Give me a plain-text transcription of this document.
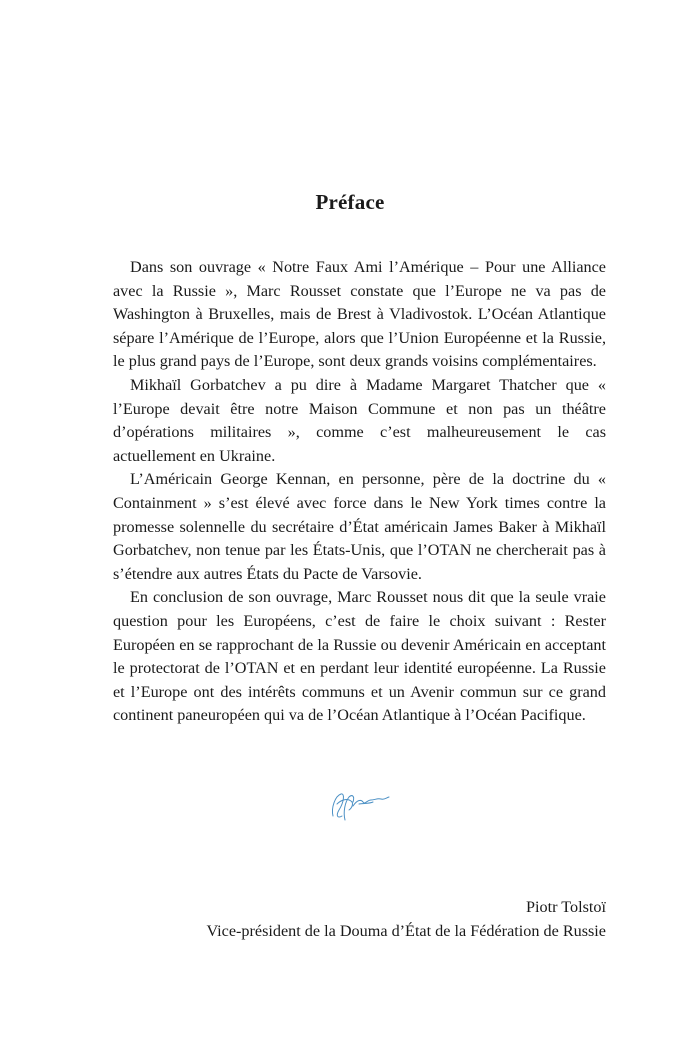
Préface

Dans son ouvrage « Notre Faux Ami l’Amérique – Pour une Alliance avec la Russie », Marc Rousset constate que l’Europe ne va pas de Washington à Bruxelles, mais de Brest à Vladivostok. L’Océan Atlantique sépare l’Amérique de l’Europe, alors que l’Union Européenne et la Russie, le plus grand pays de l’Europe, sont deux grands voisins complémentaires.

Mikhaïl Gorbatchev a pu dire à Madame Margaret Thatcher que « l’Europe devait être notre Maison Commune et non pas un théâtre d’opérations militaires », comme c’est malheureusement le cas actuellement en Ukraine.

L’Américain George Kennan, en personne, père de la doctrine du « Containment » s’est élevé avec force dans le New York times contre la promesse solennelle du secrétaire d’État américain James Baker à Mikhaïl Gorbatchev, non tenue par les États-Unis, que l’OTAN ne chercherait pas à s’étendre aux autres États du Pacte de Varsovie.

En conclusion de son ouvrage, Marc Rousset nous dit que la seule vraie question pour les Européens, c’est de faire le choix suivant : Rester Européen en se rapprochant de la Russie ou devenir Américain en acceptant le protectorat de l’OTAN et en perdant leur identité européenne. La Russie et l’Europe ont des intérêts communs et un Avenir commun sur ce grand continent paneuropéen qui va de l’Océan Atlantique à l’Océan Pacifique.

Piotr Tolstoï
Vice-président de la Douma d’État de la Fédération de Russie
